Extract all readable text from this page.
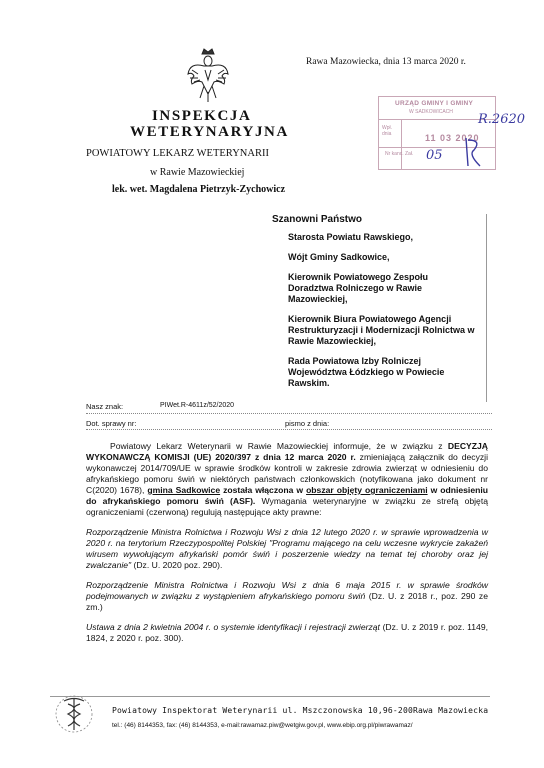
Rawa Mazowiecka, dnia 13 marca 2020 r.
URZĄD GMINY I GMINY
W SADKOWICACH
Wpł. dnia	11 03 2020
Nr kanc. Zał.
R.2620
05
INSPEKCJA
WETERYNARYJNA
POWIATOWY LEKARZ WETERYNARII
w Rawie Mazowieckiej
lek. wet. Magdalena Pietrzyk-Zychowicz
Szanowni Państwo
Starosta Powiatu Rawskiego,
Wójt Gminy Sadkowice,
Kierownik Powiatowego Zespołu Doradztwa Rolniczego w Rawie Mazowieckiej,
Kierownik Biura Powiatowego Agencji Restrukturyzacji i Modernizacji Rolnictwa w Rawie Mazowieckiej,
Rada Powiatowa Izby Rolniczej Województwa Łódzkiego w Powiecie Rawskim.
Nasz znak:	PIWet.R-4611z/52/2020
Dot. sprawy nr:	pismo z dnia:

Powiatowy Lekarz Weterynarii w Rawie Mazowieckiej informuje, że w związku z DECYZJĄ WYKONAWCZĄ KOMISJI (UE) 2020/397 z dnia 12 marca 2020 r. zmieniającą załącznik do decyzji wykonawczej 2014/709/UE w sprawie środków kontroli w zakresie zdrowia zwierząt w odniesieniu do afrykańskiego pomoru świń w niektórych państwach członkowskich (notyfikowana jako dokument nr C(2020) 1678), gmina Sadkowice została włączona w obszar objęty ograniczeniami w odniesieniu do afrykańskiego pomoru świń (ASF). Wymagania weterynaryjne w związku ze strefą objętą ograniczeniami (czerwoną) regulują następujące akty prawne:

Rozporządzenie Ministra Rolnictwa i Rozwoju Wsi z dnia 12 lutego 2020 r. w sprawie wprowadzenia w 2020 r. na terytorium Rzeczypospolitej Polskiej "Programu mającego na celu wczesne wykrycie zakażeń wirusem wywołującym afrykański pomór świń i poszerzenie wiedzy na temat tej choroby oraz jej zwalczanie" (Dz. U. 2020 poz. 290).

Rozporządzenie Ministra Rolnictwa i Rozwoju Wsi z dnia 6 maja 2015 r. w sprawie środków podejmowanych w związku z wystąpieniem afrykańskiego pomoru świń (Dz. U. z 2018 r., poz. 290 ze zm.)

Ustawa z dnia 2 kwietnia 2004 r. o systemie identyfikacji i rejestracji zwierząt (Dz. U. z 2019 r. poz. 1149, 1824, z 2020 r. poz. 300).

Powiatowy Inspektorat Weterynarii ul. Mszczonowska 10,96-200Rawa Mazowiecka
tel.: (46) 8144353, fax: (46) 8144353, e-mail:rawamaz.piw@wetgiw.gov.pl, www.ebip.org.pl/piwrawamaz/
